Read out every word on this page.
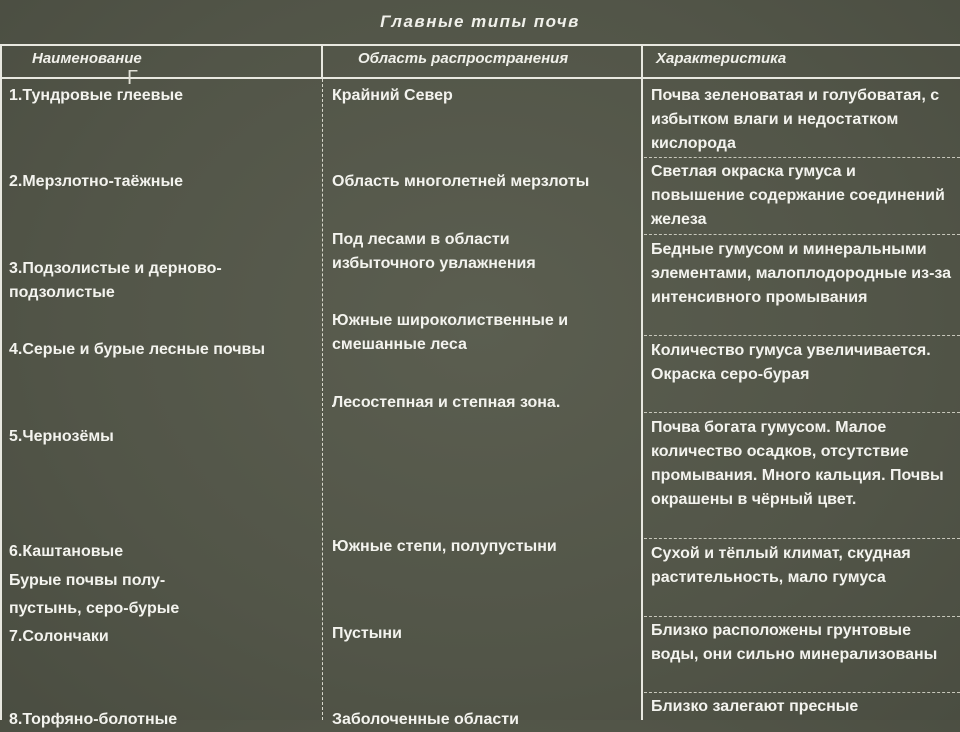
Главные типы почв
Наименование	Область распространения	Характеристика
Г
1.Тундровые глеевые
2.Мерзлотно-таёжные
3.Подзолистые и дерново-
подзолистые
4.Серые и бурые лесные почвы
5.Чернозёмы
6.Каштановые
Бурые почвы полу-
пустынь, серо-бурые
7.Солончаки
8.Торфяно-болотные
Крайний Север
Область многолетней мерзлоты
Под лесами в области
избыточного увлажнения
Южные широколиственные и
смешанные леса
Лесостепная и степная зона.
Южные степи, полупустыни
Пустыни
Заболоченные области
Почва зеленоватая и голубоватая, с избытком влаги и недостатком кислорода
Светлая окраска гумуса и повышение содержание соединений железа
Бедные гумусом и минеральными элементами, малоплодородные из-за интенсивного промывания
Количество гумуса увеличивается. Окраска серо-бурая
Почва богата гумусом. Малое количество осадков, отсутствие промывания. Много кальция. Почвы окрашены в чёрный цвет.
Сухой и тёплый климат, скудная растительность, мало гумуса
Близко расположены грунтовые воды, они сильно минерализованы
Близко залегают пресные
